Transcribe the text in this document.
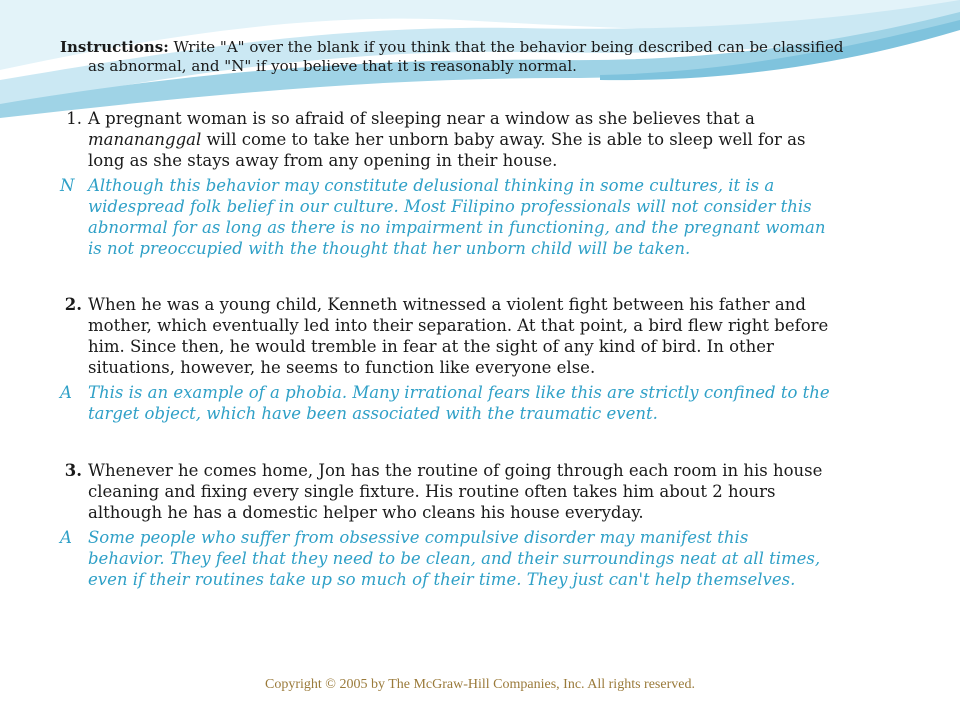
Instructions: Write "A" over the blank if you think that the behavior being described can be classified as abnormal, and "N" if you believe that it is reasonably normal.
1. A pregnant woman is so afraid of sleeping near a window as she believes that a manananggal will come to take her unborn baby away. She is able to sleep well for as long as she stays away from any opening in their house.
N Although this behavior may constitute delusional thinking in some cultures, it is a widespread folk belief in our culture. Most Filipino professionals will not consider this abnormal for as long as there is no impairment in functioning, and the pregnant woman is not preoccupied with the thought that her unborn child will be taken.
2. When he was a young child, Kenneth witnessed a violent fight between his father and mother, which eventually led into their separation. At that point, a bird flew right before him. Since then, he would tremble in fear at the sight of any kind of bird. In other situations, however, he seems to function like everyone else.
A This is an example of a phobia. Many irrational fears like this are strictly confined to the target object, which have been associated with the traumatic event.
3. Whenever he comes home, Jon has the routine of going through each room in his house cleaning and fixing every single fixture. His routine often takes him about 2 hours although he has a domestic helper who cleans his house everyday.
A Some people who suffer from obsessive compulsive disorder may manifest this behavior. They feel that they need to be clean, and their surroundings neat at all times, even if their routines take up so much of their time. They just can't help themselves.
Copyright © 2005 by The McGraw-Hill Companies, Inc. All rights reserved.
